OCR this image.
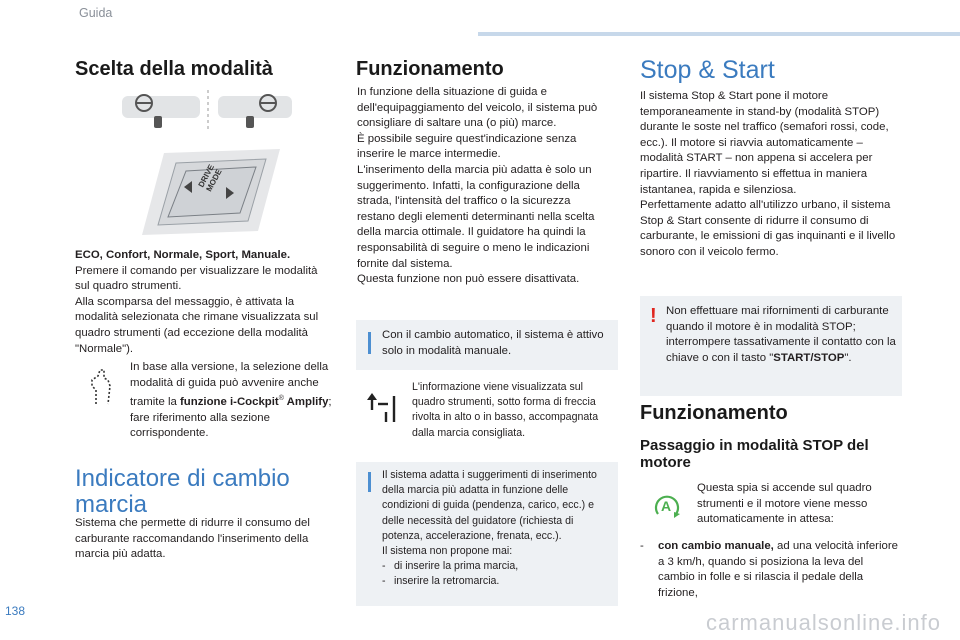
Guida
Scelta della modalità
DRIVE
MODE
ECO, Confort, Normale, Sport, Manuale.
Premere il comando per visualizzare le modalità sul quadro strumenti.
Alla scomparsa del messaggio, è attivata la modalità selezionata che rimane visualizzata sul quadro strumenti (ad eccezione della modalità "Normale").
In base alla versione, la selezione della modalità di guida può avvenire anche tramite la funzione i-Cockpit® Amplify; fare riferimento alla sezione corrispondente.
Indicatore di cambio marcia
Sistema che permette di ridurre il consumo del carburante raccomandando l'inserimento della marcia più adatta.
Funzionamento
In funzione della situazione di guida e dell'equipaggiamento del veicolo, il sistema può consigliare di saltare una (o più) marce.
È possibile seguire quest'indicazione senza inserire le marce intermedie.
L'inserimento della marcia più adatta è solo un suggerimento. Infatti, la configurazione della strada, l'intensità del traffico o la sicurezza restano degli elementi determinanti nella scelta della marcia ottimale. Il guidatore ha quindi la responsabilità di seguire o meno le indicazioni fornite dal sistema.
Questa funzione non può essere disattivata.
Con il cambio automatico, il sistema è attivo solo in modalità manuale.
L'informazione viene visualizzata sul quadro strumenti, sotto forma di freccia rivolta in alto o in basso, accompagnata dalla marcia consigliata.
Il sistema adatta i suggerimenti di inserimento della marcia più adatta in funzione delle condizioni di guida (pendenza, carico, ecc.) e delle necessità del guidatore (richiesta di potenza, accelerazione, frenata, ecc.).
Il sistema non propone mai:
- di inserire la prima marcia,
- inserire la retromarcia.
Stop & Start
Il sistema Stop & Start pone il motore temporaneamente in stand-by (modalità STOP) durante le soste nel traffico (semafori rossi, code, ecc.). Il motore si riavvia automaticamente – modalità START – non appena si accelera per ripartire. Il riavviamento si effettua in maniera istantanea, rapida e silenziosa.
Perfettamente adatto all'utilizzo urbano, il sistema Stop & Start consente di ridurre il consumo di carburante, le emissioni di gas inquinanti e il livello sonoro con il veicolo fermo.
! Non effettuare mai rifornimenti di carburante quando il motore è in modalità STOP; interrompere tassativamente il contatto con la chiave o con il tasto "START/STOP".
Funzionamento
Passaggio in modalità STOP del motore
A
Questa spia si accende sul quadro strumenti e il motore viene messo automaticamente in attesa:
-	con cambio manuale, ad una velocità inferiore a 3 km/h, quando si posiziona la leva del cambio in folle e si rilascia il pedale della frizione,
138	carmanualsonline.info
